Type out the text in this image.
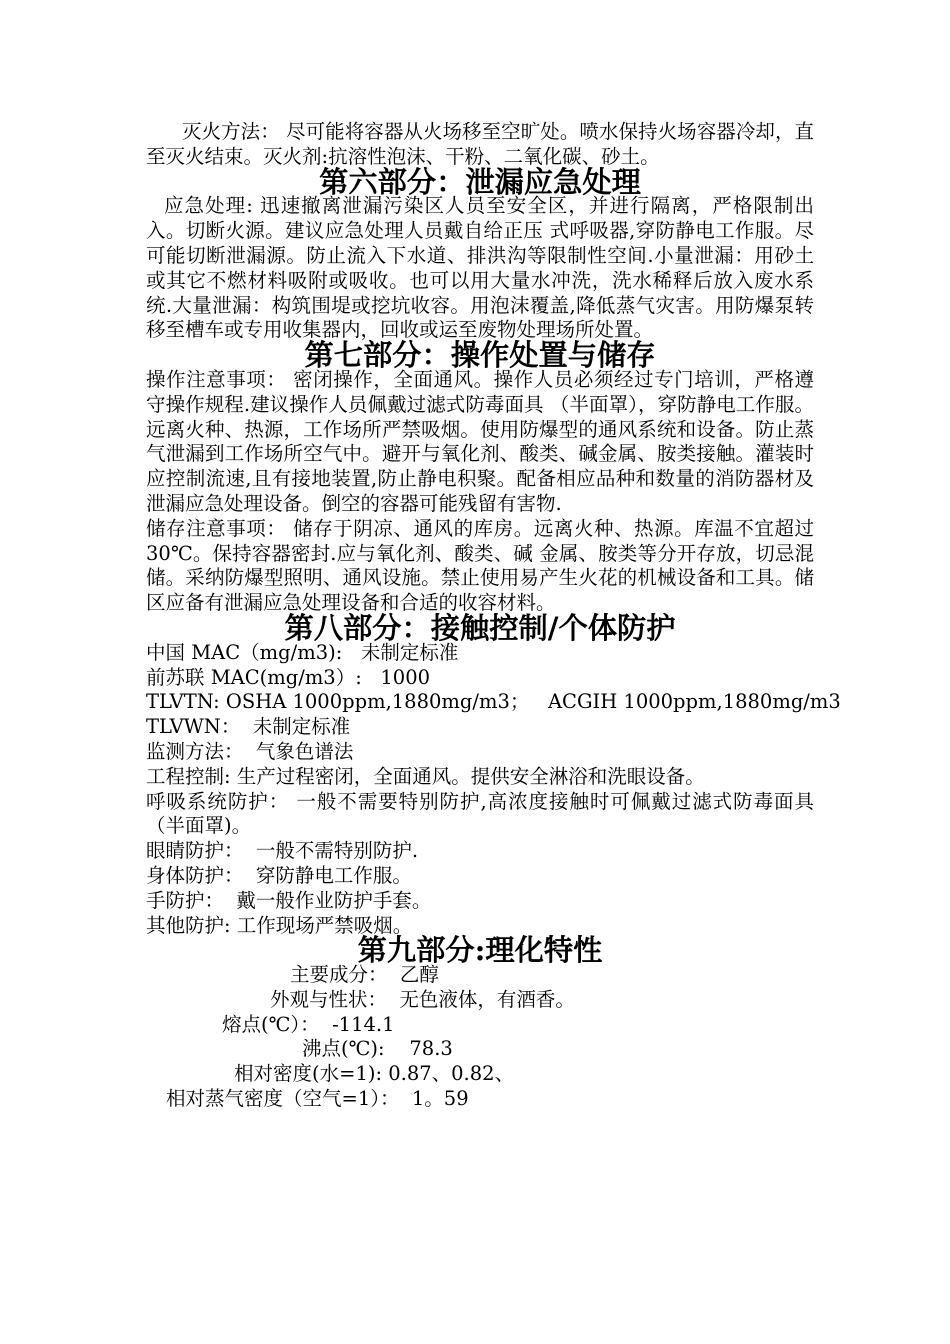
灭火方法： 尽可能将容器从火场移至空旷处。喷水保持火场容器冷却，直至灭火结束。灭火剂:抗溶性泡沫、干粉、二氧化碳、砂土。

第六部分：泄漏应急处理

应急处理: 迅速撤离泄漏污染区人员至安全区，并进行隔离，严格限制出入。切断火源。建议应急处理人员戴自给正压 式呼吸器,穿防静电工作服。尽可能切断泄漏源。防止流入下水道、排洪沟等限制性空间.小量泄漏：用砂土或其它不燃材料吸附或吸收。也可以用大量水冲洗，洗水稀释后放入废水系统.大量泄漏：构筑围堤或挖坑收容。用泡沫覆盖,降低蒸气灾害。用防爆泵转移至槽车或专用收集器内，回收或运至废物处理场所处置。

第七部分：操作处置与储存

操作注意事项： 密闭操作，全面通风。操作人员必须经过专门培训，严格遵守操作规程.建议操作人员佩戴过滤式防毒面具 （半面罩），穿防静电工作服。远离火种、热源，工作场所严禁吸烟。使用防爆型的通风系统和设备。防止蒸气泄漏到工作场所空气中。避开与氧化剂、酸类、碱金属、胺类接触。灌装时应控制流速,且有接地装置,防止静电积聚。配备相应品种和数量的消防器材及泄漏应急处理设备。倒空的容器可能残留有害物.

储存注意事项： 储存于阴凉、通风的库房。远离火种、热源。库温不宜超过 30℃。保持容器密封.应与氧化剂、酸类、碱 金属、胺类等分开存放，切忌混储。采纳防爆型照明、通风设施。禁止使用易产生火花的机械设备和工具。储区应备有泄漏应急处理设备和合适的收容材料。

第八部分：接触控制/个体防护

中国 MAC（mg/m3):   未制定标准

前苏联 MAC(mg/m3）:   1000

TLVTN: OSHA 1000ppm,1880mg/m3；   ACGIH 1000ppm,1880mg/m3

TLVWN：  未制定标准

监测方法：  气象色谱法

工程控制: 生产过程密闭，全面通风。提供安全淋浴和洗眼设备。

呼吸系统防护： 一般不需要特别防护,高浓度接触时可佩戴过滤式防毒面具（半面罩)。

眼睛防护：  一般不需特别防护.

身体防护：  穿防静电工作服。

手防护：  戴一般作业防护手套。

其他防护: 工作现场严禁吸烟。

第九部分:理化特性

主要成分：  乙醇

外观与性状：  无色液体，有酒香。

熔点(℃）：  -114.1

沸点(℃):    78.3

相对密度(水=1): 0.87、0.82、

相对蒸气密度（空气=1）：  1。59
